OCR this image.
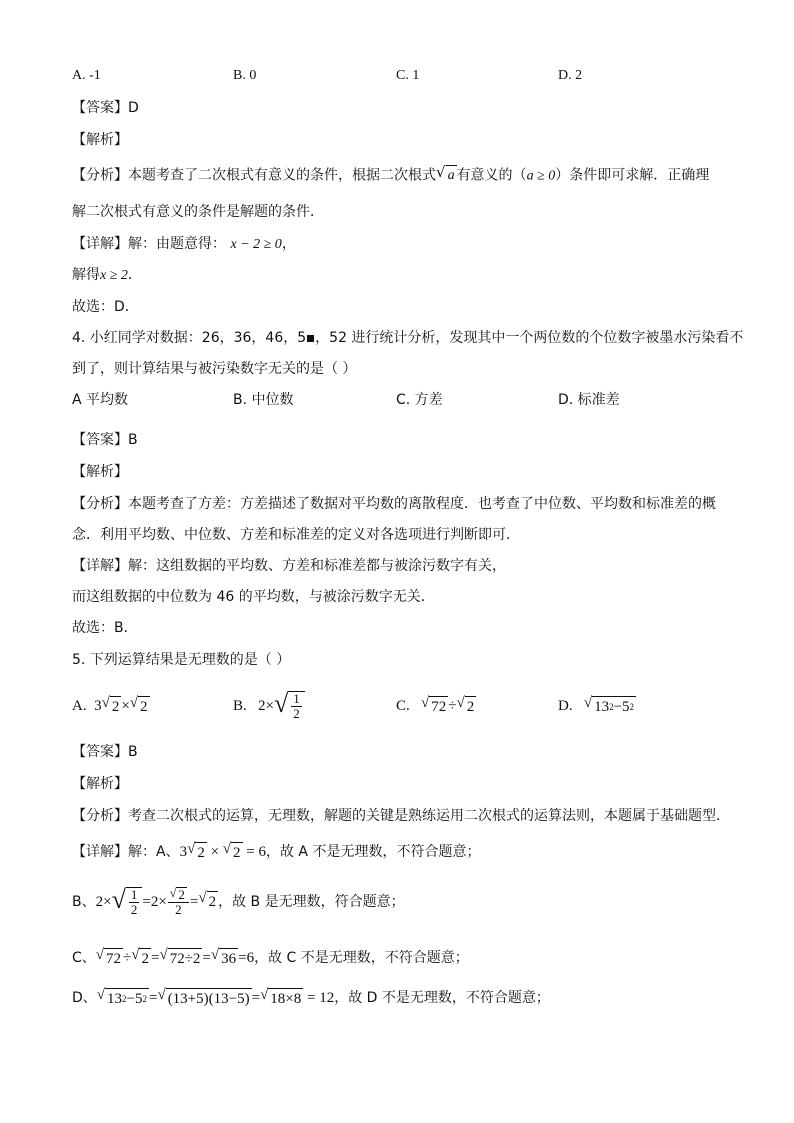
A. -1	B. 0	C. 1	D. 2
【答案】D
【解析】
【分析】本题考查了二次根式有意义的条件，根据二次根式 √ a 有意义的（a ≥ 0）条件即可求解．正确理
解二次根式有意义的条件是解题的条件．
【详解】解：由题意得： x − 2 ≥ 0，
解得x ≥ 2．
故选：D．
4. 小红同学对数据：26，36，46，5 ，52 进行统计分析，发现其中一个两位数的个位数字被墨水污染看不
到了，则计算结果与被污染数字无关的是（ ）
A 平均数	B. 中位数	C. 方差	D. 标准差
【答案】B
【解析】
【分析】本题考查了方差：方差描述了数据对平均数的离散程度．也考查了中位数、平均数和标准差的概
念．利用平均数、中位数、方差和标准差的定义对各选项进行判断即可．
【详解】解：这组数据的平均数、方差和标准差都与被涂污数字有关，
而这组数据的中位数为 46 的平均数，与被涂污数字无关．
故选：B．
5. 下列运算结果是无理数的是（ ）
A.
3 √ 2 × √ 2	B.
2 × √ $\frac{1}{2}$	C.
√ 72 ÷ √ 2	D.
√ 13 2 − 5 2
【答案】B
【解析】
【分析】考查二次根式的运算，无理数，解题的关键是熟练运用二次根式的运算法则，本题属于基础题型．
【详解】解：A、 3 √ 2
×
√ 2
=
6 ，故 A 不是无理数，不符合题意；
B、 2 × √ $\frac{1}{2} = 2 \times \frac{√ 2}{2}$ = √ 2 ，故 B 是无理数，符合题意；
C、 √ 72 ÷ √ 2 = √ 72÷2 = √ 36 = 6 ，故 C 不是无理数，不符合题意；
D、 √ 13 2 − 5 2 = √ (13+5) (13−5) = √ 18 × 8
=
12 ，故 D 不是无理数，不符合题意；
